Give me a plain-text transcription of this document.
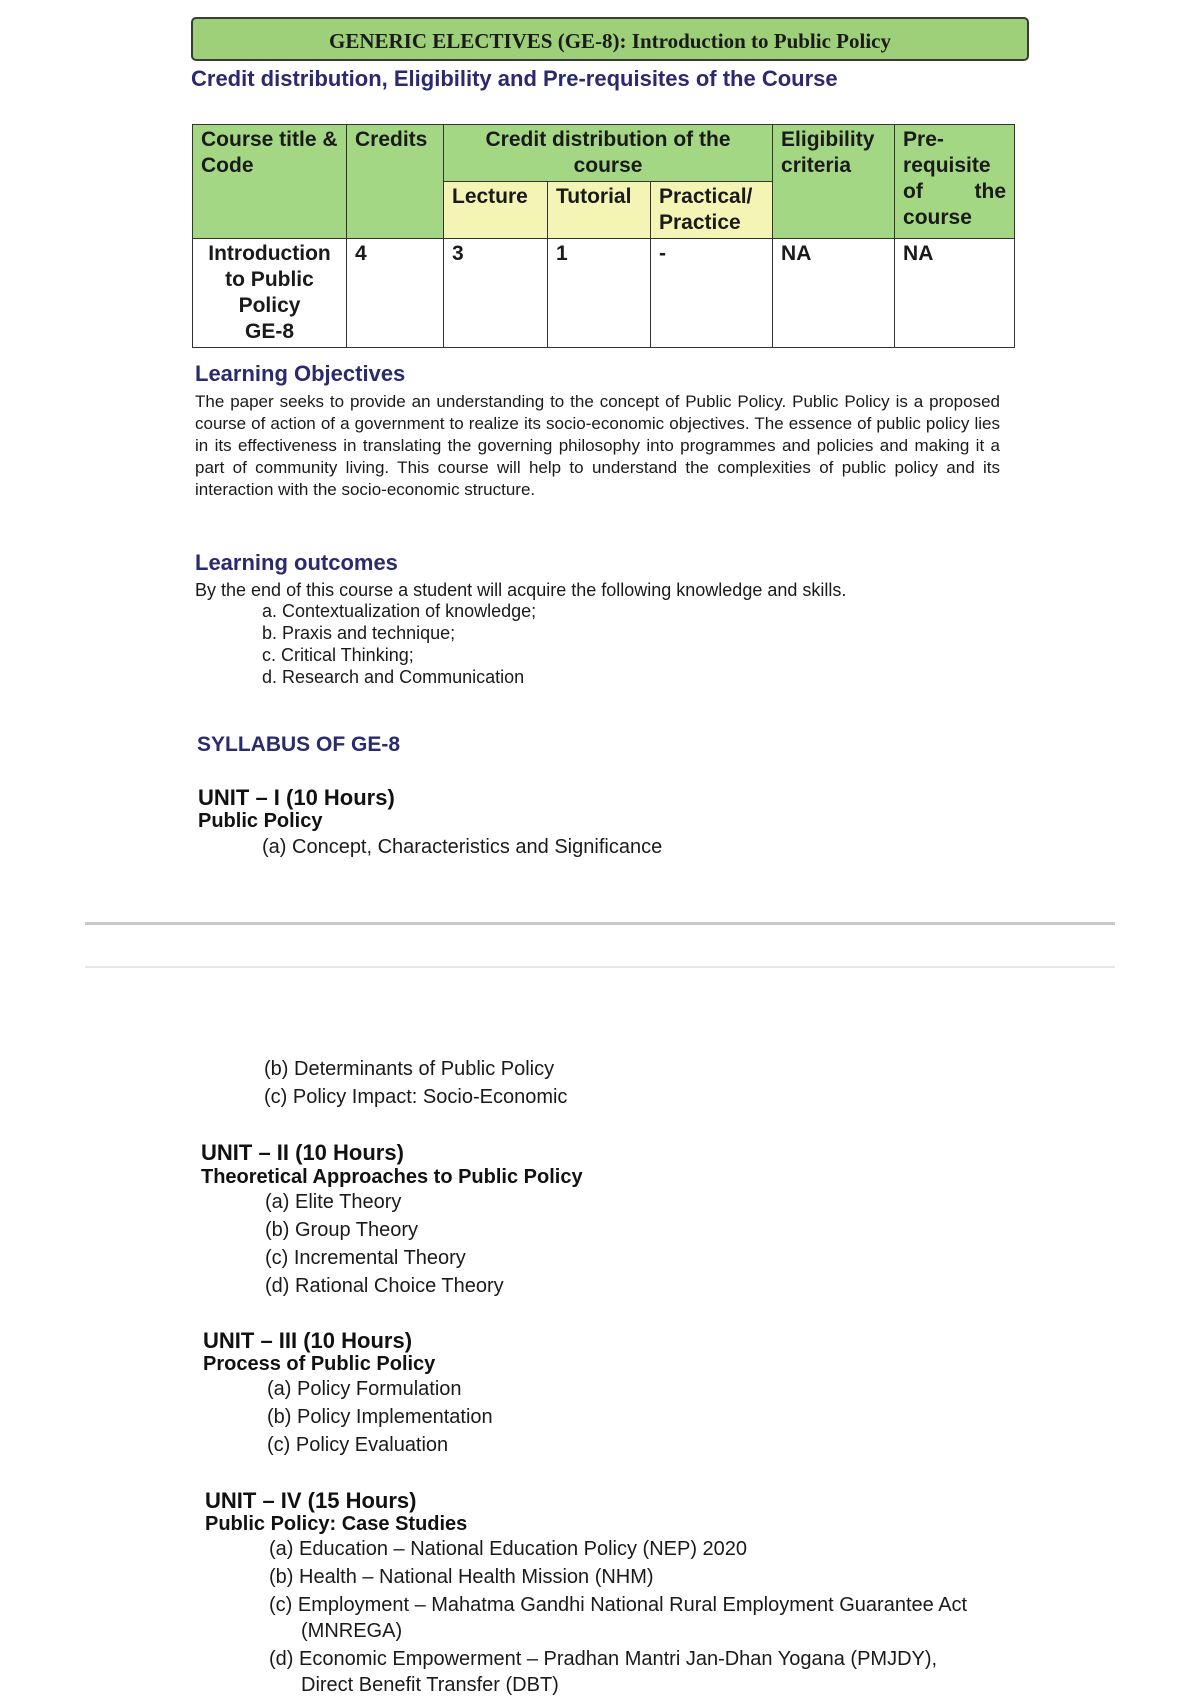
GENERIC ELECTIVES (GE-8): Introduction to Public Policy
Credit distribution, Eligibility and Pre-requisites of the Course
Course title & Code	Credits	Credit distribution of the course			Eligibility criteria	Pre-requisite of the course
		Lecture	Tutorial	Practical/ Practice		

Introduction
to Public
Policy
GE-8	4	3	1	-	NA	NA
Learning Objectives
The paper seeks to provide an understanding to the concept of Public Policy. Public Policy is a proposed course of action of a government to realize its socio-economic objectives. The essence of public policy lies in its effectiveness in translating the governing philosophy into programmes and policies and making it a part of community living. This course will help to understand the complexities of public policy and its interaction with the socio-economic structure.
Learning outcomes
By the end of this course a student will acquire the following knowledge and skills.
a. Contextualization of knowledge;
b. Praxis and technique;
c. Critical Thinking;
d. Research and Communication
SYLLABUS OF GE-8
UNIT – I (10 Hours)
Public Policy
(a) Concept, Characteristics and Significance
(b) Determinants of Public Policy
(c) Policy Impact: Socio-Economic
UNIT – II (10 Hours)
Theoretical Approaches to Public Policy
(a) Elite Theory
(b) Group Theory
(c) Incremental Theory
(d) Rational Choice Theory
UNIT – III (10 Hours)
Process of Public Policy
(a) Policy Formulation
(b) Policy Implementation
(c) Policy Evaluation
UNIT – IV (15 Hours)
Public Policy: Case Studies
(a) Education – National Education Policy (NEP) 2020
(b) Health – National Health Mission (NHM)
(c) Employment – Mahatma Gandhi National Rural Employment Guarantee Act
(MNREGA)
(d) Economic Empowerment – Pradhan Mantri Jan-Dhan Yogana (PMJDY),
Direct Benefit Transfer (DBT)
